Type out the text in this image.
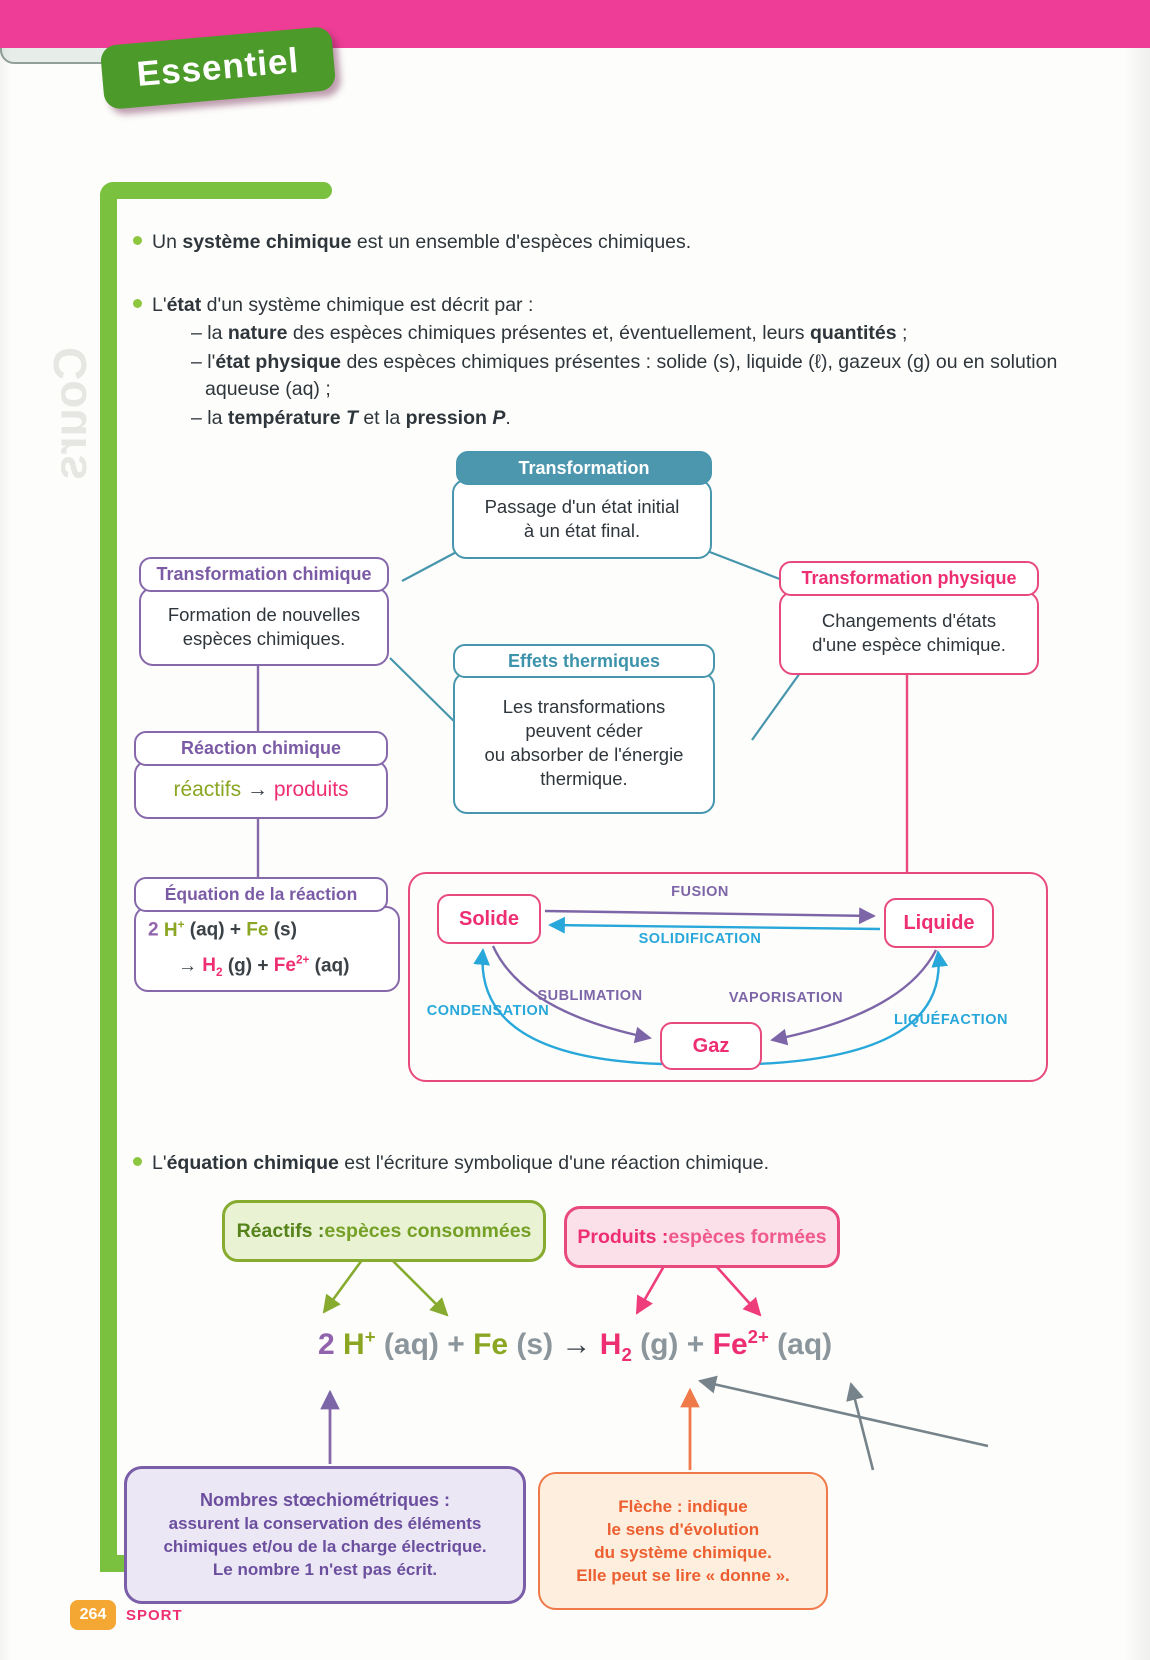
Essentiel
Cours
Un système chimique est un ensemble d'espèces chimiques.
L'état d'un système chimique est décrit par :
– la nature des espèces chimiques présentes et, éventuellement, leurs quantités ;
– l'état physique des espèces chimiques présentes : solide (s), liquide (ℓ), gazeux (g) ou en solution aqueuse (aq) ;
– la température T et la pression P.
L'équation chimique est l'écriture symbolique d'une réaction chimique.
Transformation
Passage d'un état initial
à un état final.
Transformation chimique
Formation de nouvelles
espèces chimiques.
Transformation physique
Changements d'états
d'une espèce chimique.
Effets thermiques
Les transformations
peuvent céder
ou absorber de l'énergie
thermique.
Réaction chimique
réactifs → produits
Équation de la réaction
2 H+ (aq) + Fe (s)
→ $H_2$ $(g) + Fe^{2+}$ (aq)
Solide	Liquide
Gaz
FUSION
SOLIDIFICATION
SUBLIMATION	VAPORISATION
CONDENSATION
LIQUÉFACTION
Réactifs : espèces consommées Produits : espèces formées
2 H+ (aq) + Fe $(s) \to H_2$ $(g) + Fe^{2+}$ (aq)
Nombres stœchiométriques :
assurent la conservation des éléments
chimiques et/ou de la charge électrique.
Le nombre 1 n'est pas écrit.
Flèche : indique
le sens d'évolution
du système chimique.
Elle peut se lire « donne ».
264	SPORT
